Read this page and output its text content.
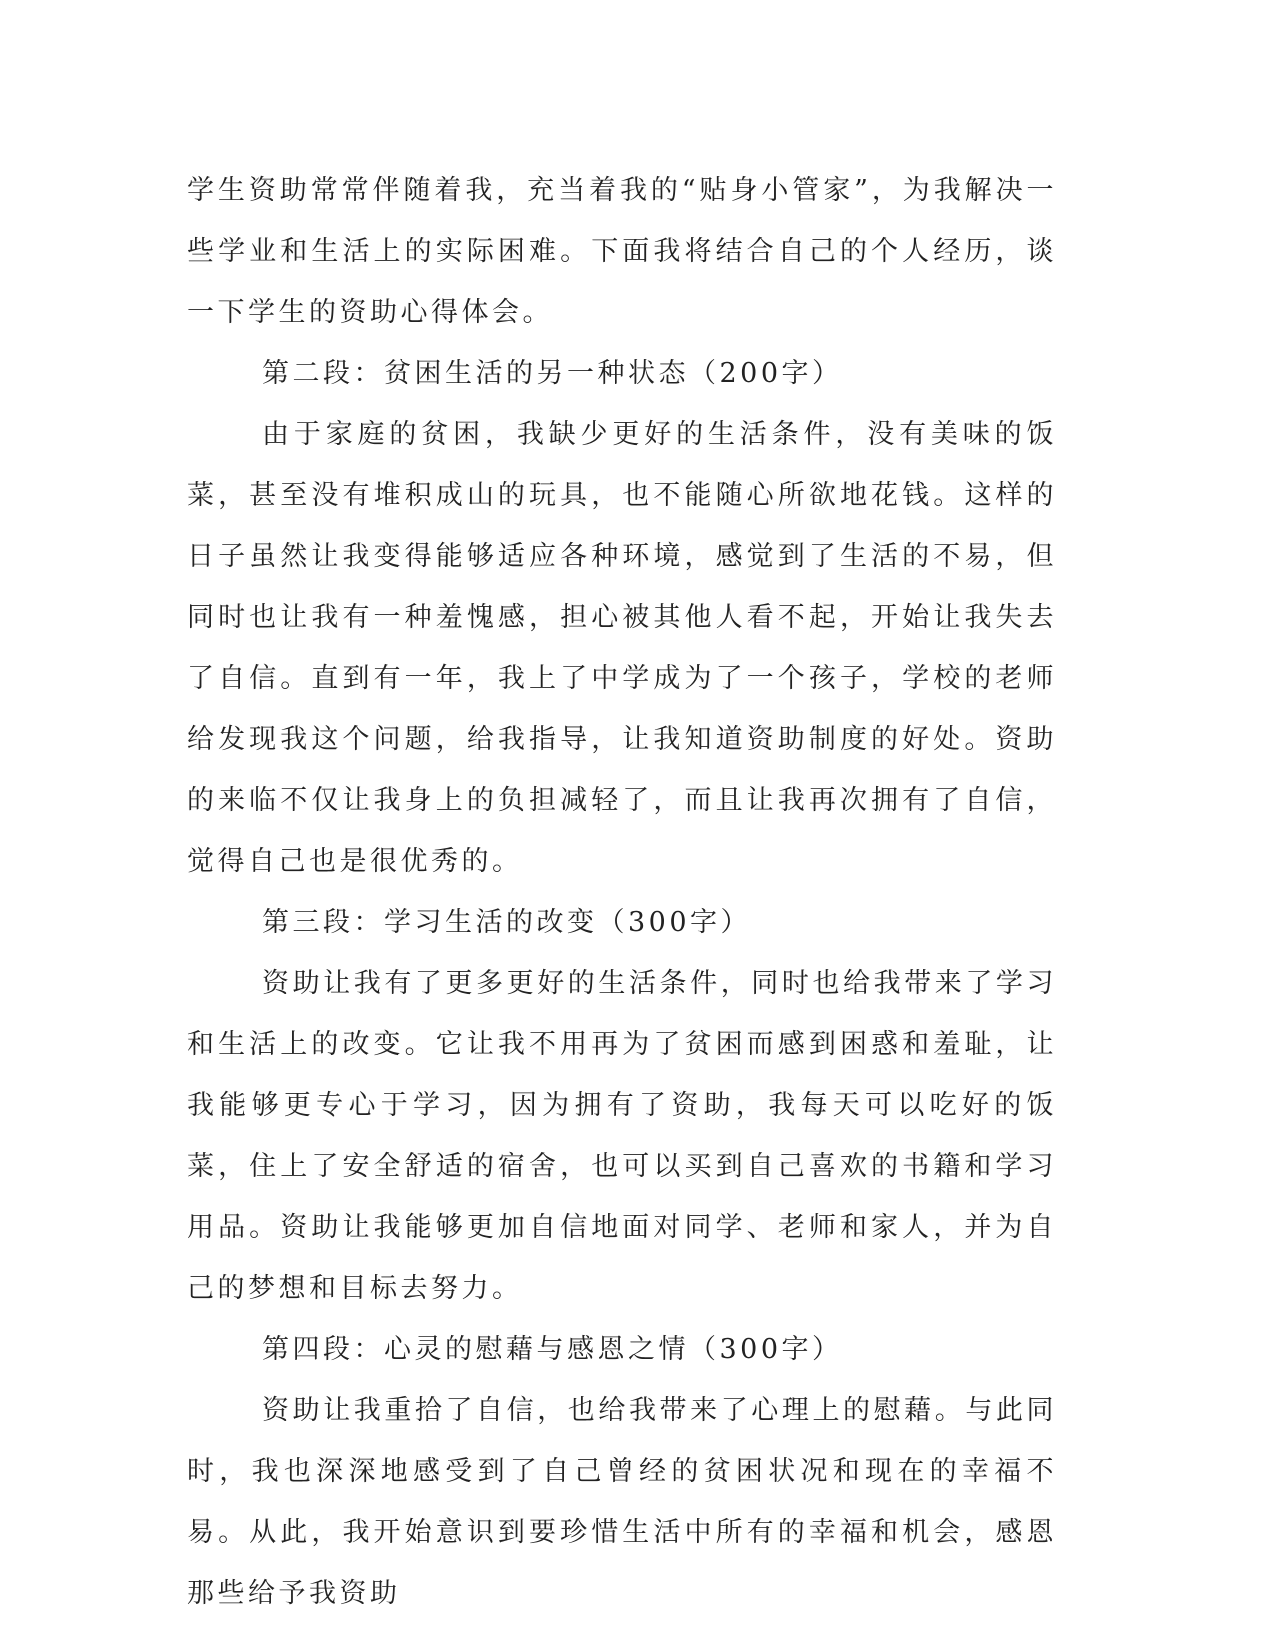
学生资助常常伴随着我，充当着我的“贴身小管家”，为我解决一些学业和生活上的实际困难。下面我将结合自己的个人经历，谈一下学生的资助心得体会。

第二段：贫困生活的另一种状态（200字）

由于家庭的贫困，我缺少更好的生活条件，没有美味的饭菜，甚至没有堆积成山的玩具，也不能随心所欲地花钱。这样的日子虽然让我变得能够适应各种环境，感觉到了生活的不易，但同时也让我有一种羞愧感，担心被其他人看不起，开始让我失去了自信。直到有一年，我上了中学成为了一个孩子，学校的老师给发现我这个问题，给我指导，让我知道资助制度的好处。资助的来临不仅让我身上的负担减轻了，而且让我再次拥有了自信，觉得自己也是很优秀的。

第三段：学习生活的改变（300字）

资助让我有了更多更好的生活条件，同时也给我带来了学习和生活上的改变。它让我不用再为了贫困而感到困惑和羞耻，让我能够更专心于学习，因为拥有了资助，我每天可以吃好的饭菜，住上了安全舒适的宿舍，也可以买到自己喜欢的书籍和学习用品。资助让我能够更加自信地面对同学、老师和家人，并为自己的梦想和目标去努力。

第四段：心灵的慰藉与感恩之情（300字）

资助让我重拾了自信，也给我带来了心理上的慰藉。与此同时，我也深深地感受到了自己曾经的贫困状况和现在的幸福不易。从此，我开始意识到要珍惜生活中所有的幸福和机会，感恩那些给予我资助
